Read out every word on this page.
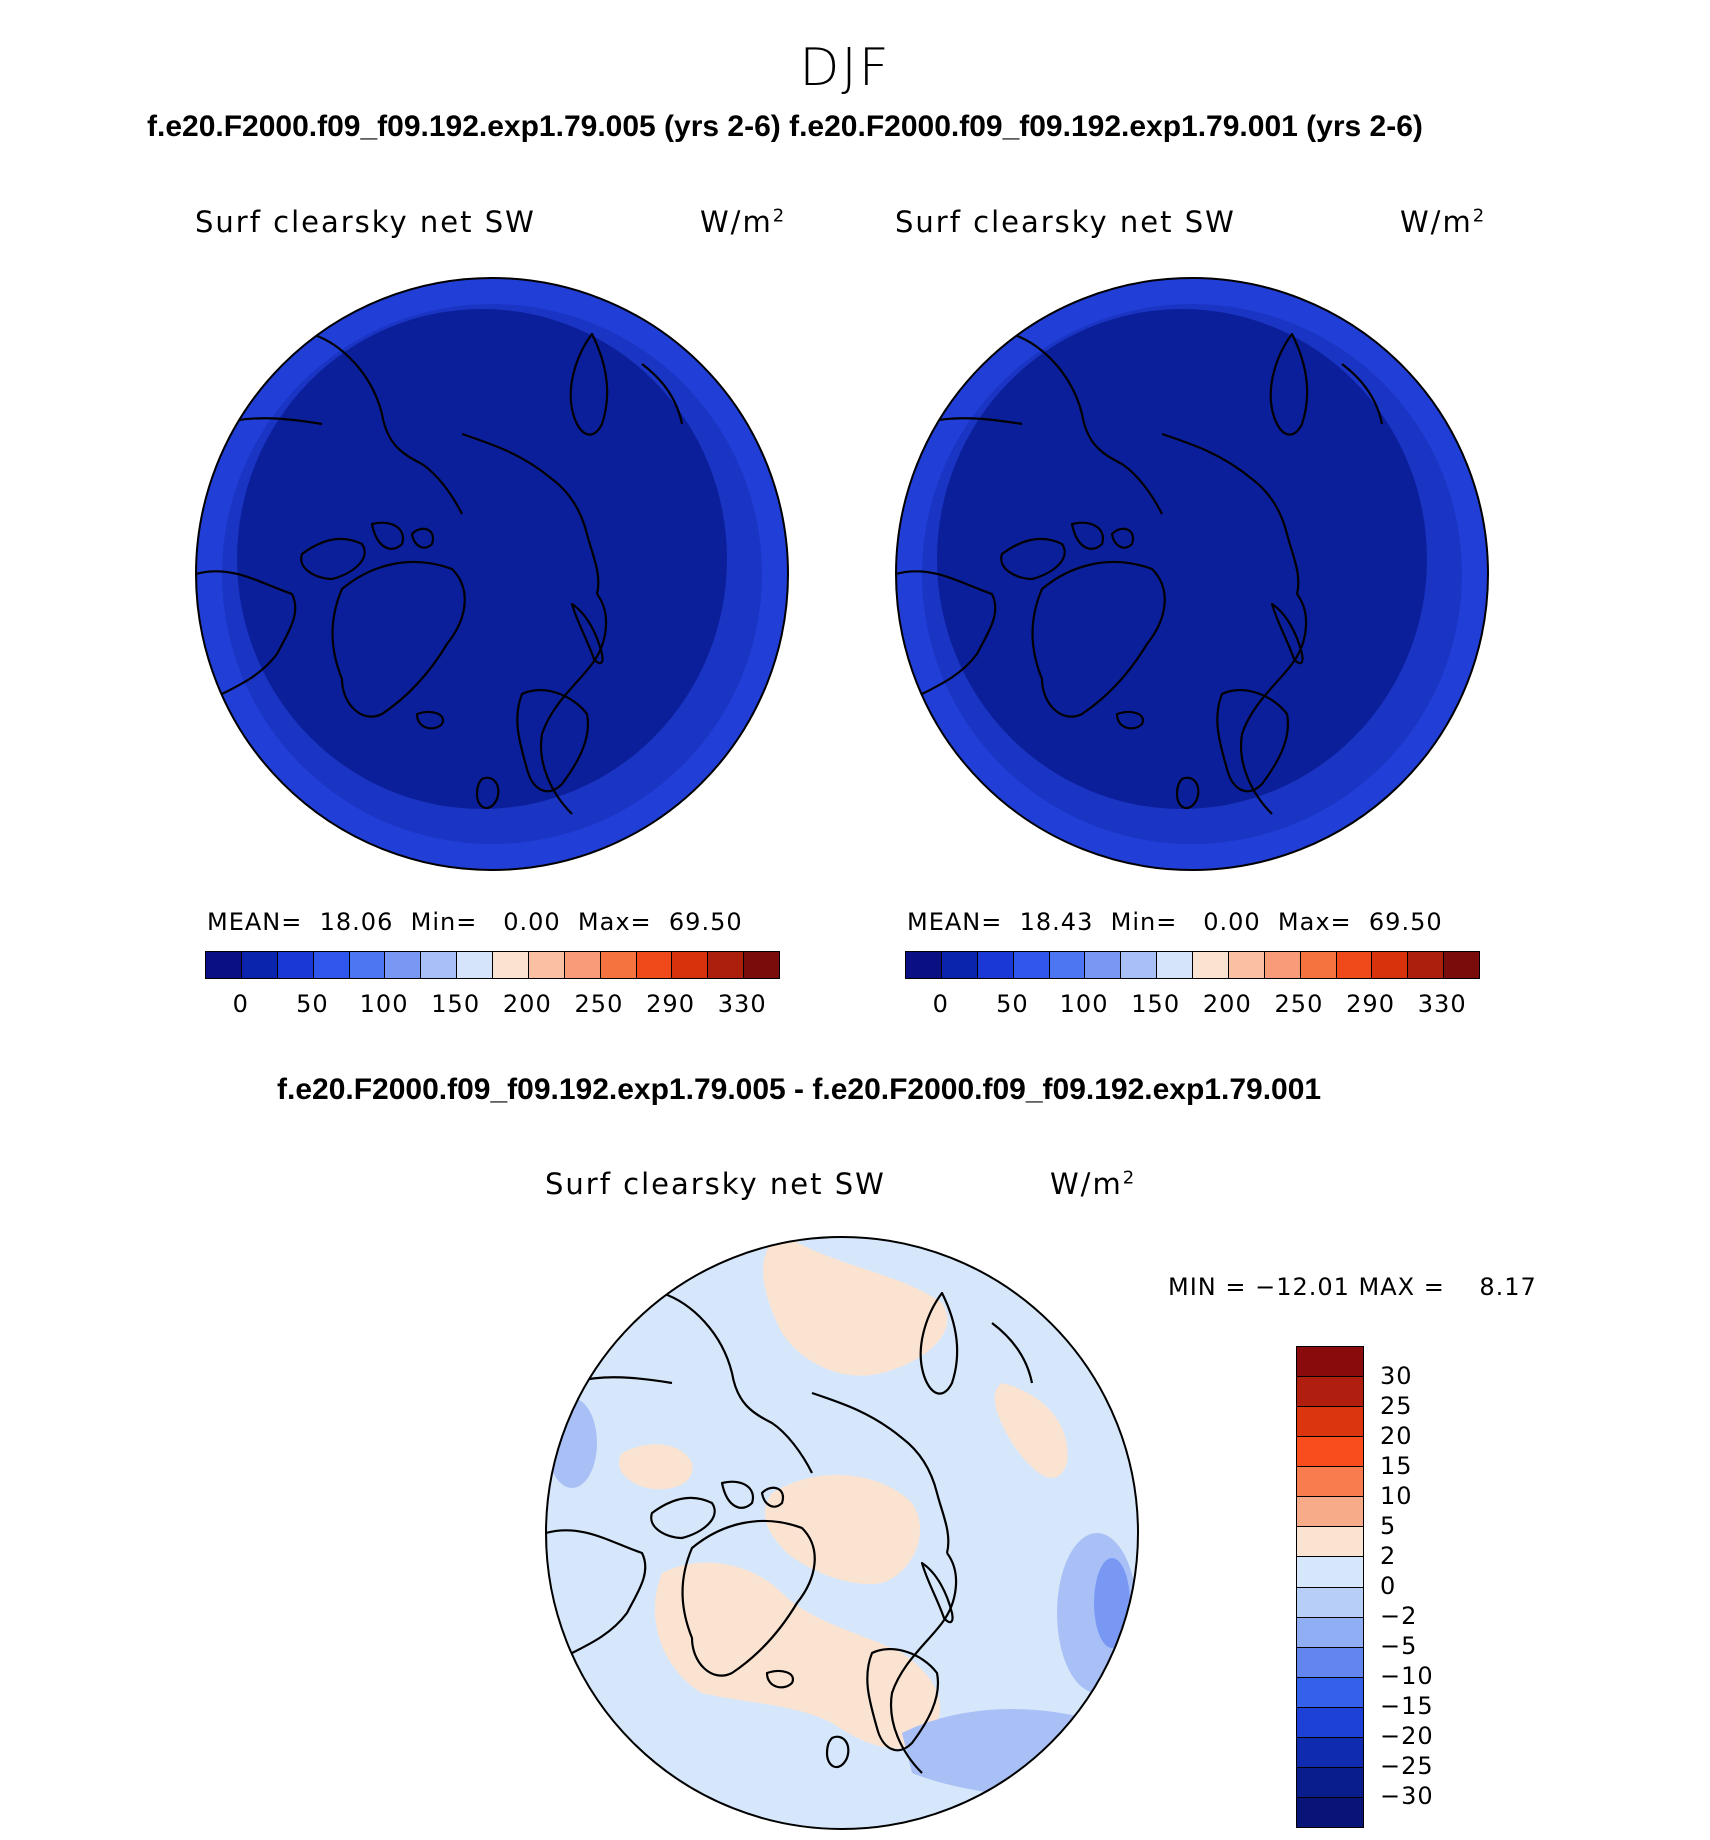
DJF
f.e20.F2000.f09_f09.192.exp1.79.005 (yrs 2-6) f.e20.F2000.f09_f09.192.exp1.79.001 (yrs 2-6)
Surf clearsky net SW	$W/m^2$	Surf clearsky net SW	$W/m^2$
MEAN= 18.06 Min= 0.00 Max= 69.50	MEAN= 18.43 Min= 0.00 Max= 69.50
0 50 100 150 200 250 290 330	0 50 100 150 200 250 290 330
f.e20.F2000.f09_f09.192.exp1.79.005 - f.e20.F2000.f09_f09.192.exp1.79.001
Surf clearsky net SW	$W/m^2$
MIN = −12.01 MAX =    8.17
30
25
20
15
10
5
2
0
−2
−5
−10
−15
−20
−25
−30
